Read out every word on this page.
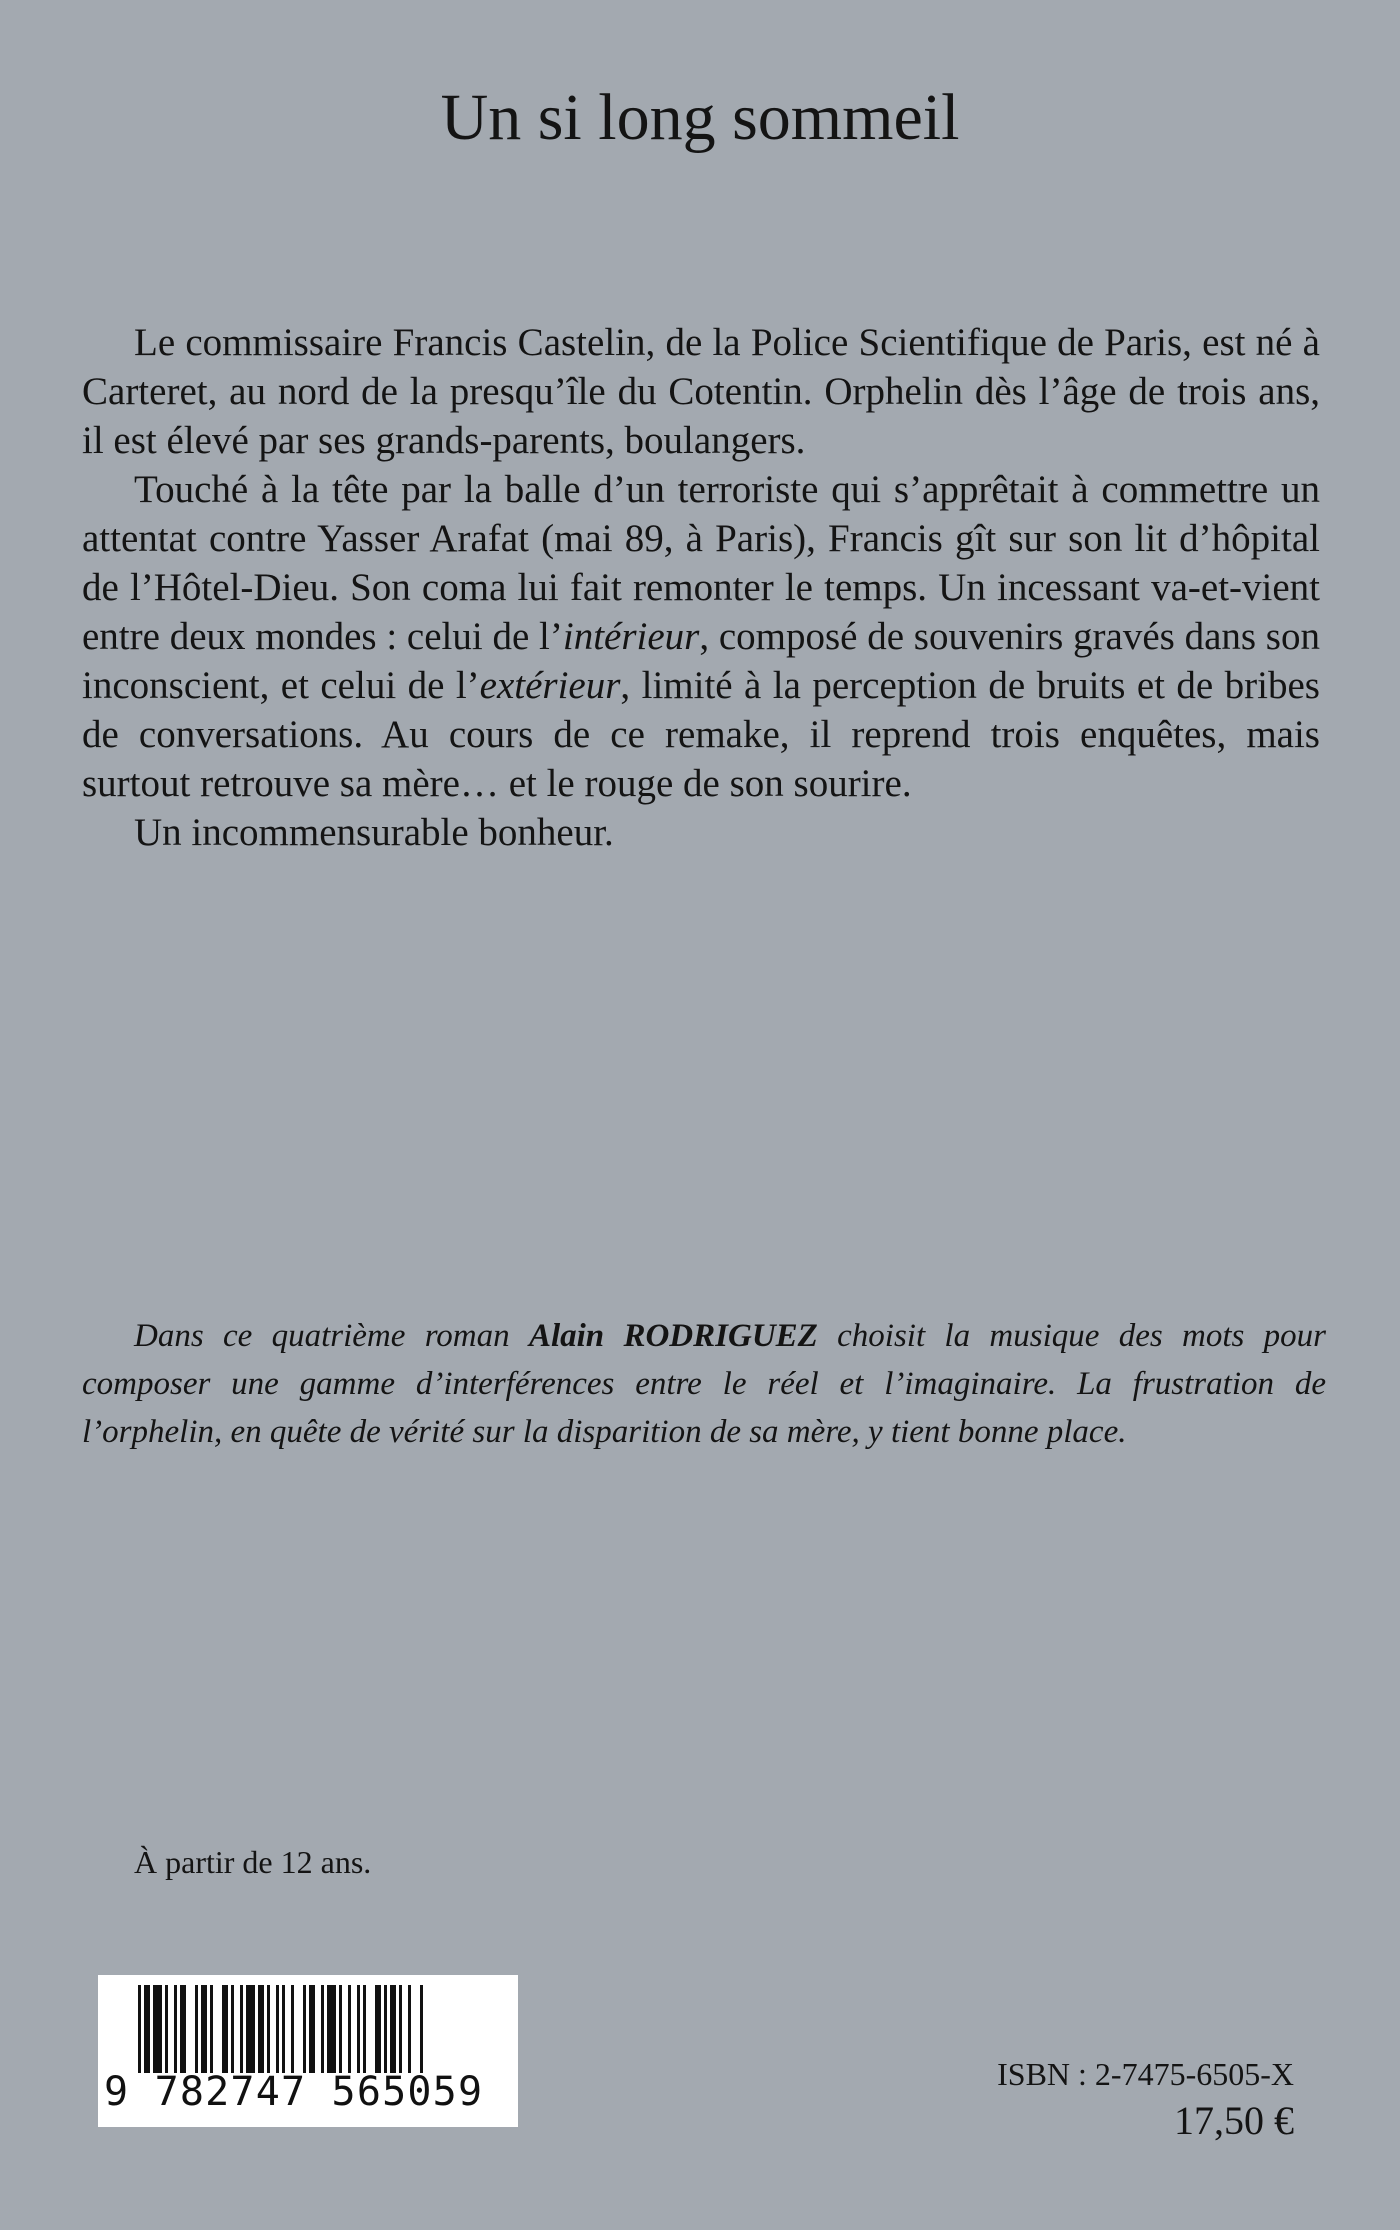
Un si long sommeil

Le commissaire Francis Castelin, de la Police Scientifique de Paris, est né à Carteret, au nord de la presqu’île du Cotentin. Orphelin dès l’âge de trois ans, il est élevé par ses grands-parents, boulangers.

Touché à la tête par la balle d’un terroriste qui s’apprêtait à commettre un attentat contre Yasser Arafat (mai 89, à Paris), Francis gît sur son lit d’hôpital de l’Hôtel-Dieu. Son coma lui fait remonter le temps. Un incessant va-et-vient entre deux mondes : celui de l’intérieur, composé de souvenirs gravés dans son inconscient, et celui de l’extérieur, limité à la perception de bruits et de bribes de conversations. Au cours de ce remake, il reprend trois enquêtes, mais surtout retrouve sa mère… et le rouge de son sourire.

Un incommensurable bonheur.

Dans ce quatrième roman Alain RODRIGUEZ choisit la musique des mots pour composer une gamme d’interférences entre le réel et l’imaginaire. La frustration de l’orphelin, en quête de vérité sur la disparition de sa mère, y tient bonne place.

À partir de 12 ans.

9 782747 565059	ISBN : 2-7475-6505-X
17,50 €
